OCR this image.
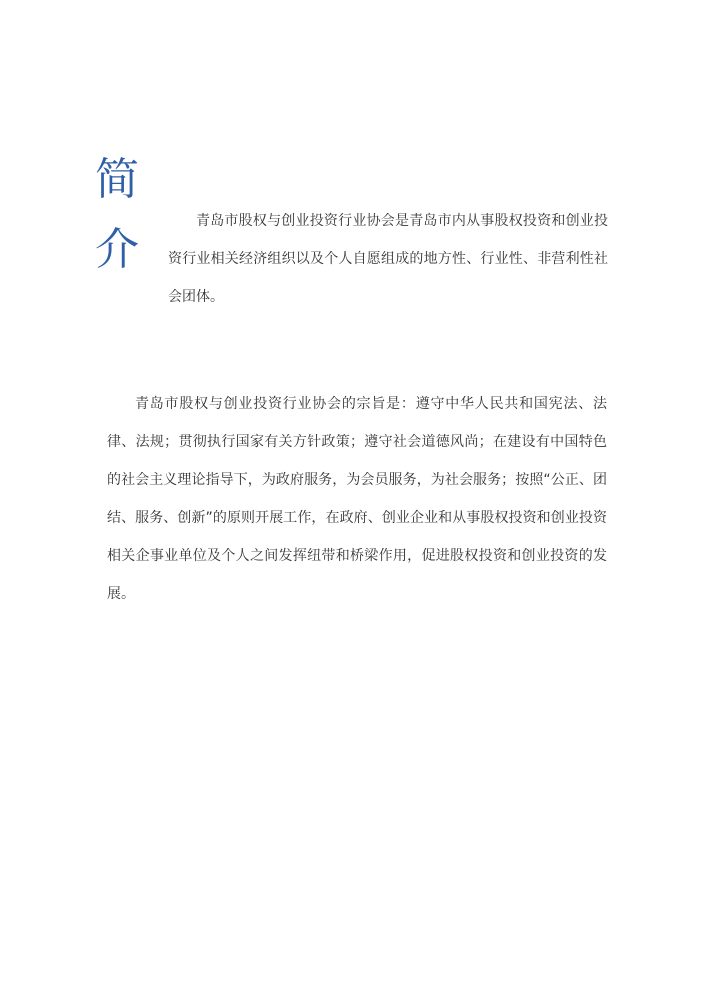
简
介

青岛市股权与创业投资行业协会是青岛市内从事股权投资和创业投资行业相关经济组织以及个人自愿组成的地方性、行业性、非营利性社会团体。

青岛市股权与创业投资行业协会的宗旨是：遵守中华人民共和国宪法、法律、法规；贯彻执行国家有关方针政策；遵守社会道德风尚；在建设有中国特色的社会主义理论指导下，为政府服务，为会员服务，为社会服务；按照“公正、团结、服务、创新”的原则开展工作，在政府、创业企业和从事股权投资和创业投资相关企事业单位及个人之间发挥纽带和桥梁作用，促进股权投资和创业投资的发展。
